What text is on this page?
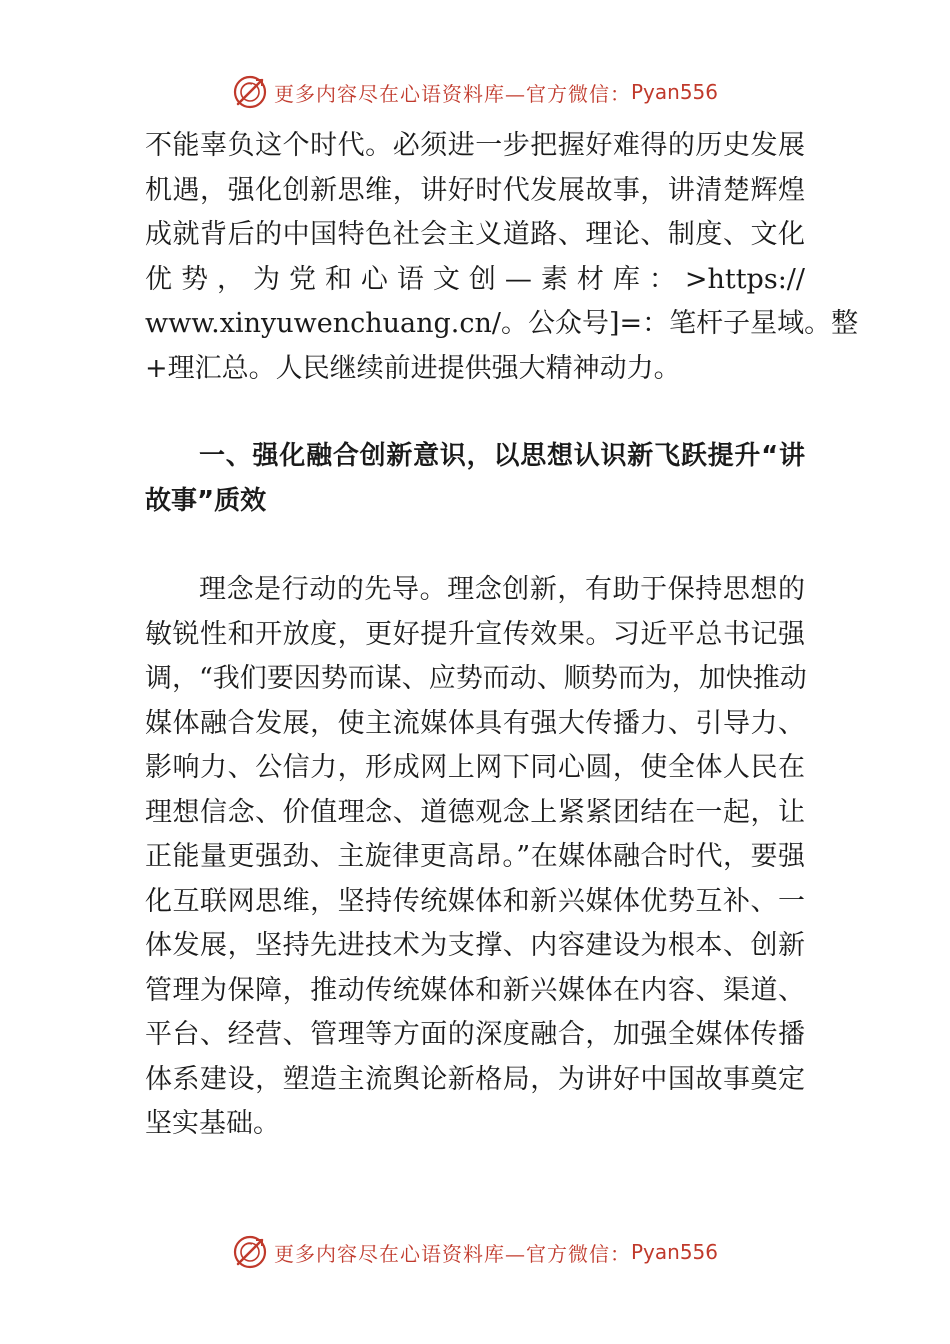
更多内容尽在心语资料库—官方微信： Pyan556
不能辜负这个时代。必须进一步把握好难得的历史发展
机遇，强化创新思维，讲好时代发展故事，讲清楚辉煌
成就背后的中国特色社会主义道路、理论、制度、文化
优势，为党和心语文创—素材库：>https://
www.xinyuwenchuang.cn/。公众号]=：笔杆子星域。整
+理汇总。人民继续前进提供强大精神动力。
一、强化融合创新意识，以思想认识新飞跃提升“讲
故事”质效
理念是行动的先导。理念创新，有助于保持思想的
敏锐性和开放度，更好提升宣传效果。习近平总书记强
调，“我们要因势而谋、应势而动、顺势而为，加快推动
媒体融合发展，使主流媒体具有强大传播力、引导力、
影响力、公信力，形成网上网下同心圆，使全体人民在
理想信念、价值理念、道德观念上紧紧团结在一起，让
正能量更强劲、主旋律更高昂。”在媒体融合时代，要强
化互联网思维，坚持传统媒体和新兴媒体优势互补、一
体发展，坚持先进技术为支撑、内容建设为根本、创新
管理为保障，推动传统媒体和新兴媒体在内容、渠道、
平台、经营、管理等方面的深度融合，加强全媒体传播
体系建设，塑造主流舆论新格局，为讲好中国故事奠定
坚实基础。
更多内容尽在心语资料库—官方微信： Pyan556
